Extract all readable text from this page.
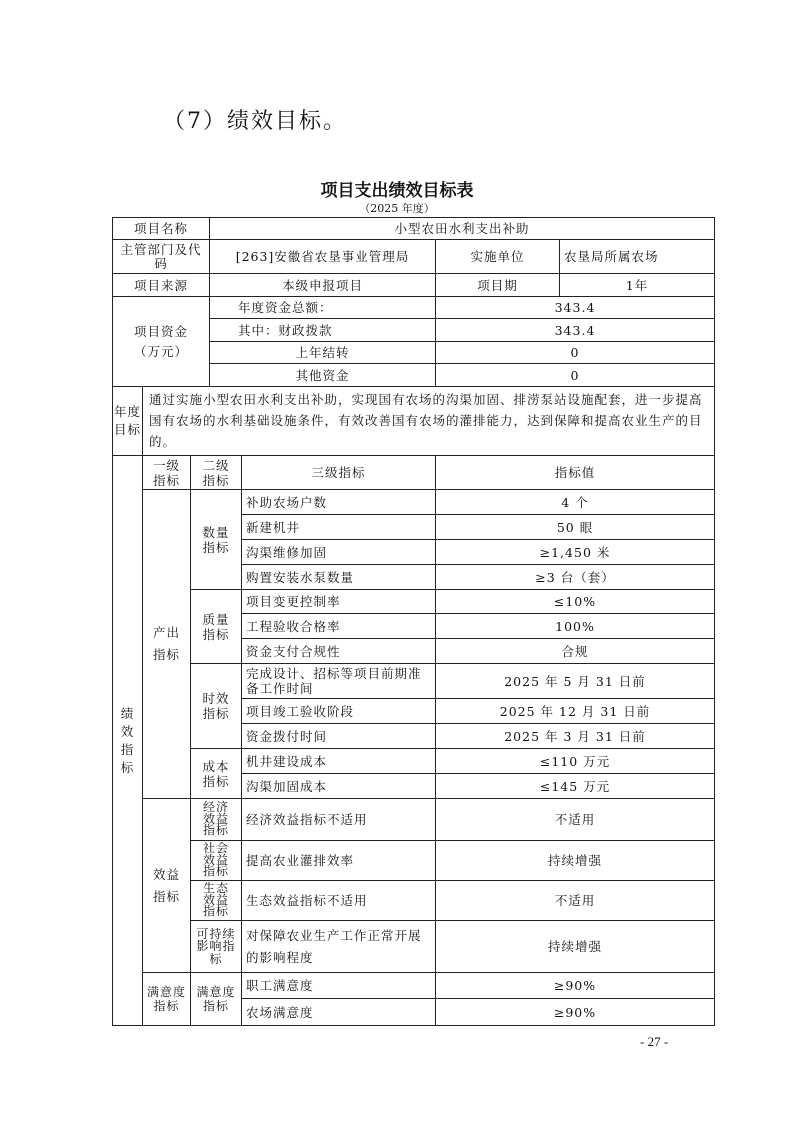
（7）绩效目标。
项目支出绩效目标表
（2025 年度）
项目名称	小型农田水利支出补助		
主管部门及代码	[263]安徽省农垦事业管理局	实施单位	农垦局所属农场
项目来源	本级申报项目	项目期	1年
项目资金（万元）	年度资金总额：	343.4	
	其中：财政拨款	343.4	
	上年结转	0	
	其他资金	0	
年度目标	通过实施小型农田水利支出补助，实现国有农场的沟渠加固、排涝泵站设施配套，进一步提高国有农场的水利基础设施条件，有效改善国有农场的灌排能力，达到保障和提高农业生产的目的。			
绩效指标	一级指标	二级指标	三级指标	指标值
	产出指标	数量指标	补助农场户数	4 个
			新建机井	50 眼
			沟渠维修加固	≥1,450 米
			购置安装水泵数量	≥3 台（套）
		质量指标	项目变更控制率	≤10%
			工程验收合格率	100%
			资金支付合规性	合规
		时效指标	完成设计、招标等项目前期准备工作时间	2025 年 5 月 31 日前
			项目竣工验收阶段	2025 年 12 月 31 日前
			资金拨付时间	2025 年 3 月 31 日前
		成本指标	机井建设成本	≤110 万元
			沟渠加固成本	≤145 万元
	效益指标	经济效益指标	经济效益指标不适用	不适用
		社会效益指标	提高农业灌排效率	持续增强
		生态效益指标	生态效益指标不适用	不适用
		可持续影响指标	对保障农业生产工作正常开展的影响程度	持续增强
	满意度指标	满意度指标	职工满意度	≥90%
			农场满意度	≥90%
- 27 -
